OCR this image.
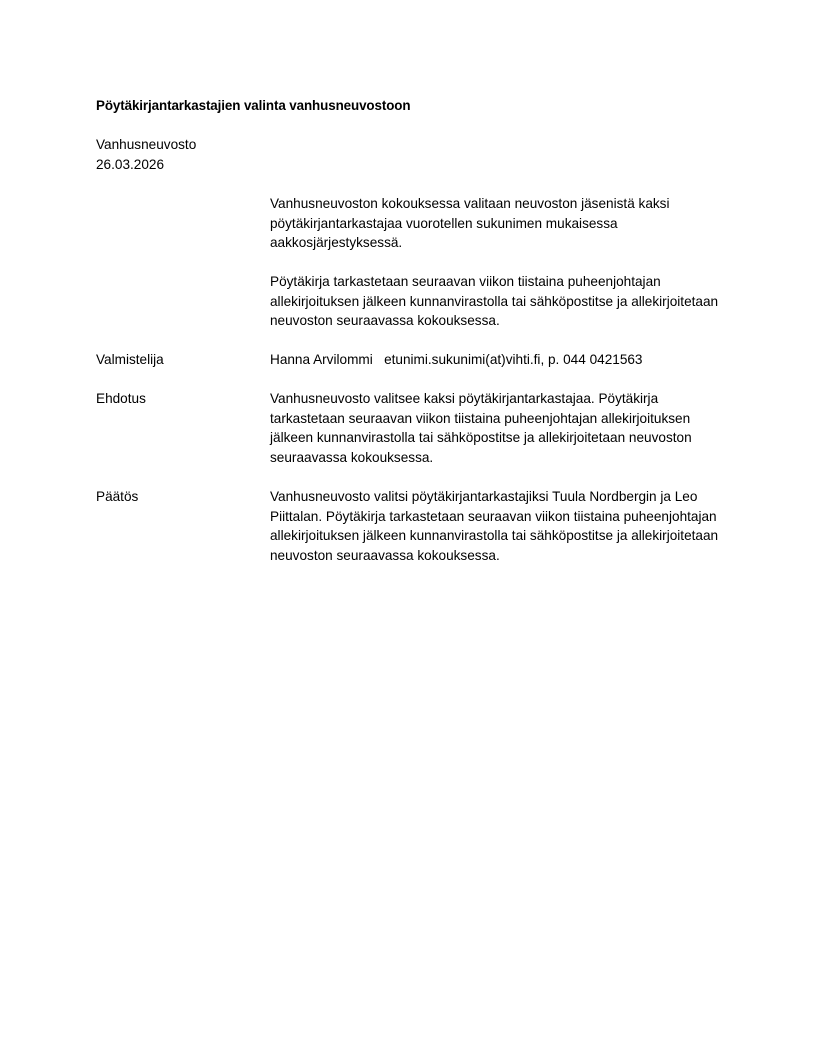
Pöytäkirjantarkastajien valinta vanhusneuvostoon
Vanhusneuvosto
26.03.2026

Vanhusneuvoston kokouksessa valitaan neuvoston jäsenistä kaksi pöytäkirjantarkastajaa vuorotellen sukunimen mukaisessa aakkosjärjestyksessä.

Pöytäkirja tarkastetaan seuraavan viikon tiistaina puheenjohtajan allekirjoituksen jälkeen kunnanvirastolla tai sähköpostitse ja allekirjoitetaan neuvoston seuraavassa kokouksessa.

Valmistelija	Hanna Arvilommi   etunimi.sukunimi(at)vihti.fi, p. 044 0421563
Ehdotus	Vanhusneuvosto valitsee kaksi pöytäkirjantarkastajaa. Pöytäkirja tarkastetaan seuraavan viikon tiistaina puheenjohtajan allekirjoituksen jälkeen kunnanvirastolla tai sähköpostitse ja allekirjoitetaan neuvoston seuraavassa kokouksessa.
Päätös	Vanhusneuvosto valitsi pöytäkirjantarkastajiksi Tuula Nordbergin ja Leo Piittalan. Pöytäkirja tarkastetaan seuraavan viikon tiistaina puheenjohtajan allekirjoituksen jälkeen kunnanvirastolla tai sähköpostitse ja allekirjoitetaan neuvoston seuraavassa kokouksessa.
